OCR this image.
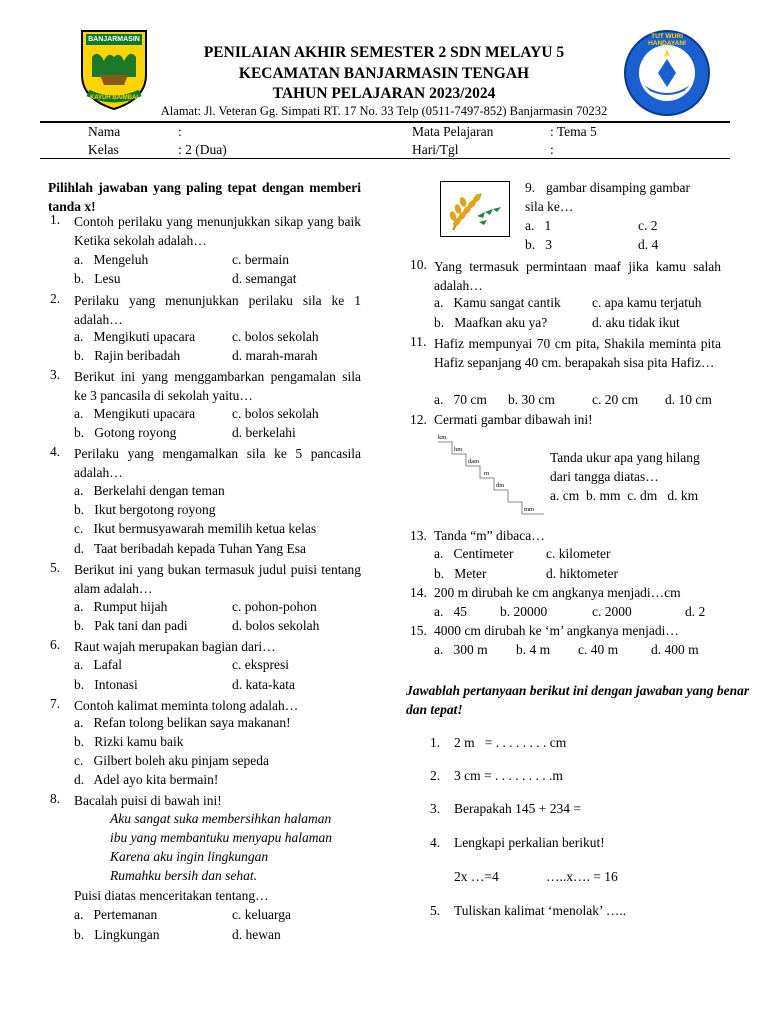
BANJARMASIN
KAYUH BAIMBAI
TUT WURI HANDAYANI
PENILAIAN AKHIR SEMESTER 2 SDN MELAYU 5
KECAMATAN BANJARMASIN TENGAH
TAHUN PELAJARAN 2023/2024
Alamat: Jl. Veteran Gg. Simpati RT. 17 No. 33 Telp (0511-7497-852) Banjarmasin 70232
Nama	:
Kelas	: 2 (Dua)
Mata Pelajaran	: Tema 5
Hari/Tgl	:
Pilihlah jawaban yang paling tepat dengan memberi tanda x!
1. Contoh perilaku yang menunjukkan sikap yang baik Ketika sekolah adalah…
a.   Mengeluh	c. bermain
b.   Lesu	d. semangat
2. Perilaku yang menunjukkan perilaku sila ke 1 adalah…
a.   Mengikuti upacara	c. bolos sekolah
b.   Rajin beribadah	d. marah-marah
3. Berikut ini yang menggambarkan pengamalan sila ke 3 pancasila di sekolah yaitu…
a.   Mengikuti upacara	c. bolos sekolah
b.   Gotong royong	d. berkelahi
4. Perilaku yang mengamalkan sila ke 5 pancasila adalah…
a.   Berkelahi dengan teman
b.   Ikut bergotong royong
c.   Ikut bermusyawarah memilih ketua kelas
d.   Taat beribadah kepada Tuhan Yang Esa
5. Berikut ini yang bukan termasuk judul puisi tentang alam adalah…
a.   Rumput hijah	c. pohon-pohon
b.   Pak tani dan padi	d. bolos sekolah
6. Raut wajah merupakan bagian dari…
a.   Lafal	c. ekspresi
b.   Intonasi	d. kata-kata
7. Contoh kalimat meminta tolong adalah…
a.   Refan tolong belikan saya makanan!
b.   Rizki kamu baik
c.   Gilbert boleh aku pinjam sepeda
d.   Adel ayo kita bermain!
8. Bacalah puisi di bawah ini!
Aku sangat suka membersihkan halaman
ibu yang membantuku menyapu halaman
Karena aku ingin lingkungan
Rumahku bersih dan sehat.
Puisi diatas menceritakan tentang…
a.   Pertemanan	c. keluarga
b.   Lingkungan	d. hewan
9. gambar disamping gambar
sila ke…
a.   1	c. 2
b.   3	d. 4
10. Yang termasuk permintaan maaf jika kamu salah adalah…
a.   Kamu sangat cantik c. apa kamu terjatuh
b.   Maafkan aku ya?	d. aku tidak ikut
11. Hafiz mempunyai 70 cm pita, Shakila meminta pita Hafiz sepanjang 40 cm. berapakah sisa pita Hafiz…
a.   70 cm b. 30 cm	c. 20 cm d. 10 cm
12. Cermati gambar dibawah ini!
km
hm
dam
m
dm
mm
Tanda ukur apa yang hilang
dari tangga diatas…
a. cm  b. mm  c. dm   d. km
13. Tanda “m” dibaca…
a.   Centimeter c. kilometer
b.   Meter	d. hiktometer
14. 200 m dirubah ke cm angkanya menjadi…cm
a.   45 b. 20000	c. 2000	d. 2
15. 4000 cm dirubah ke ‘m’ angkanya menjadi…
a.   300 m b. 4 m c. 40 m d. 400 m
Jawablah pertanyaan berikut ini dengan jawaban yang benar dan tepat!
1. 2 m   = . . . . . . . . cm
2. 3 cm = . . . . . . . . .m
3. Berapakah 145 + 234 =
4. Lengkapi perkalian berikut!
2x …=4              …..x…. = 16
5. Tuliskan kalimat ‘menolak’ …..
